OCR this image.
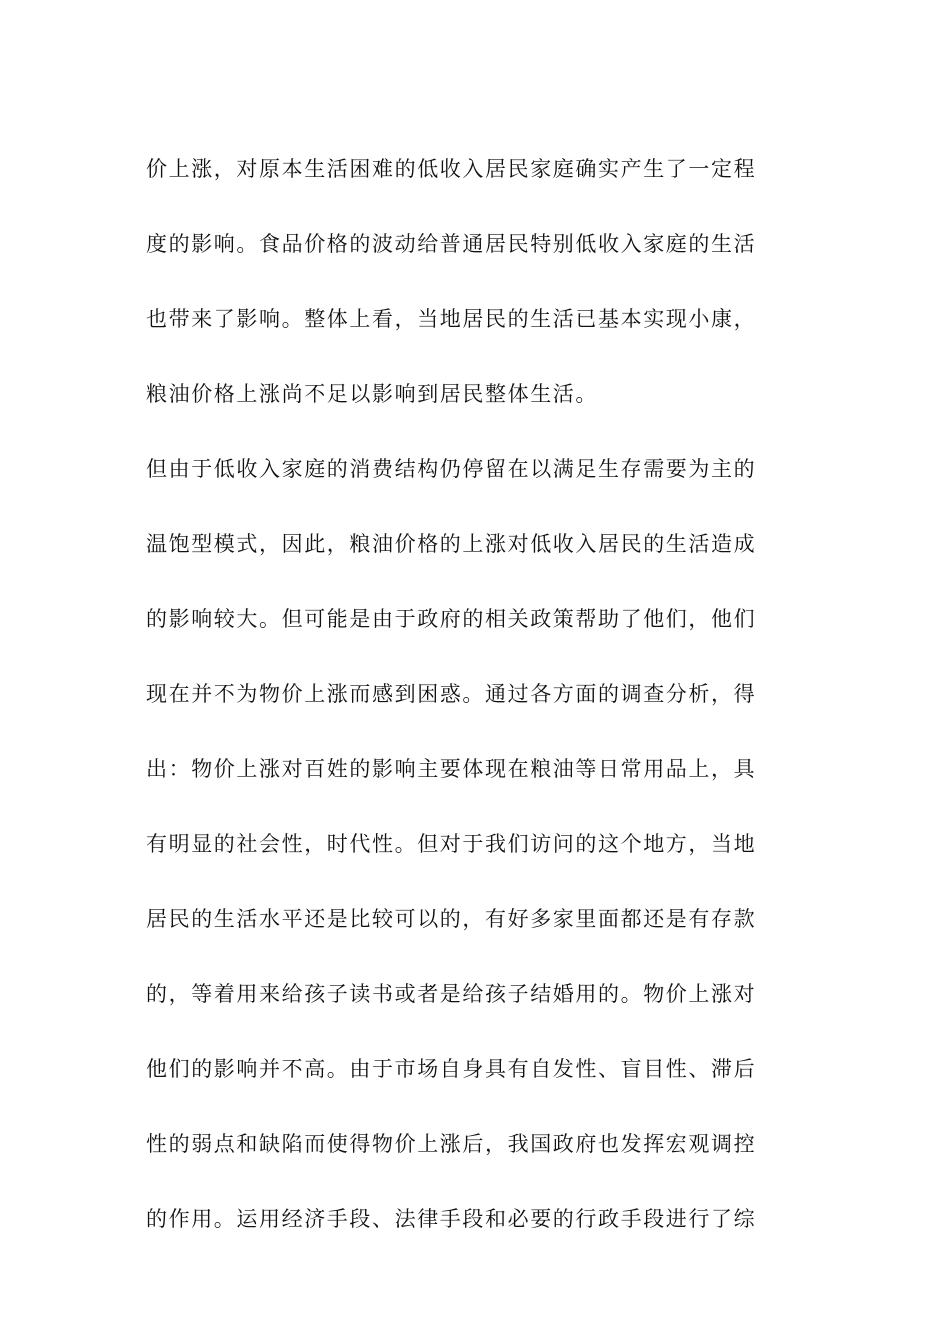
价上涨，对原本生活困难的低收入居民家庭确实产生了一定程
度的影响。食品价格的波动给普通居民特别低收入家庭的生活
也带来了影响。整体上看，当地居民的生活已基本实现小康，
粮油价格上涨尚不足以影响到居民整体生活。
但由于低收入家庭的消费结构仍停留在以满足生存需要为主的
温饱型模式，因此，粮油价格的上涨对低收入居民的生活造成
的影响较大。但可能是由于政府的相关政策帮助了他们，他们
现在并不为物价上涨而感到困惑。通过各方面的调查分析，得
出：物价上涨对百姓的影响主要体现在粮油等日常用品上，具
有明显的社会性，时代性。但对于我们访问的这个地方，当地
居民的生活水平还是比较可以的，有好多家里面都还是有存款
的，等着用来给孩子读书或者是给孩子结婚用的。物价上涨对
他们的影响并不高。由于市场自身具有自发性、盲目性、滞后
性的弱点和缺陷而使得物价上涨后，我国政府也发挥宏观调控
的作用。运用经济手段、法律手段和必要的行政手段进行了综
